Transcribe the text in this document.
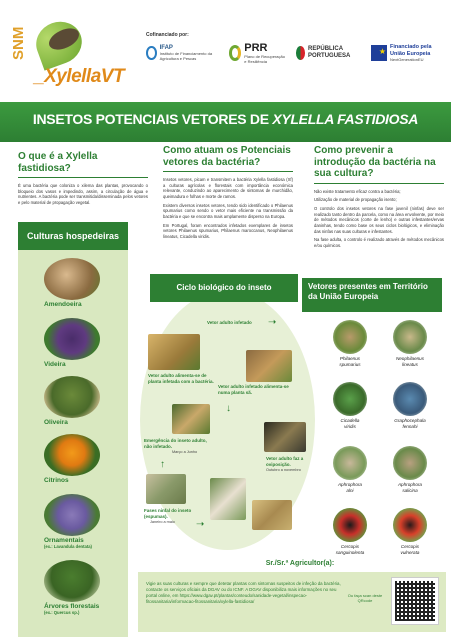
SNM
_XylellaVT
Cofinanciado por:
IFAP
Instituto de Financiamento da Agricultura e Pescas
PRR
Plano de Recuperação e Resiliência
REPÚBLICA PORTUGUESA
★
Financiado pela União Europeia
NextGenerationEU
INSETOS POTENCIAIS VETORES DE XYLELLA FASTIDIOSA
O que é a Xylella fastidiosa?

É uma bactéria que coloniza o xilema das plantas, provocando o bloqueio dos vasos e impedindo, assim, a circulação de água e nutrientes. A bactéria pode ser transmitida/disseminada pelos vetores e pelo material de propagação vegetal.

Como atuam os Potenciais vetores da bactéria?

Insetos vetores, picam e transmitem a bactéria Xylella fastidiosa (Xf) a culturas agrícolas e florestais com importância económica relevante, conduzindo ao aparecimento de sintomas de murchidão, queimadura e folhas e morte de ramos.

Existem diversos insetos vetores, tendo sido identificado o Philaenus spumarius como sendo o vetor mais eficiente na transmissão da bactéria e que se encontra mais amplamente disperso na Europa.

Em Portugal, foram encontrados infetados exemplares de insetos vetores Philaenus spumarius, Philaenus maroccanus, Neophilaenus lineatus, Cicadella viridis.

Como prevenir a introdução da bactéria na sua cultura?

Não existe tratamento eficaz contra a bactéria;

Utilização de material de propagação isento;

O controlo dos insetos vetores na fase juvenil (ninfas) deve ser realizado tanto dentro da parcela, como na área envolvente, por meio de métodos mecânicos (corte de lenho) e outras infestantes/ervas daninhas, tendo como base os seus ciclos biológicos, e eliminação das ninfas nas suas culturas e infestantes.

Na fase adulta, o controlo é realizado através de métodos mecânicos e/ou químicos.

Culturas hospedeiras
Amendoeira
Videira
Oliveira
Citrinos
Ornamentais
(ex.: Lavandula dentata)
Árvores florestais
(ex.: Quercus sp.)
Ciclo biológico do inseto
Vetor adulto infetado	➝
Vetor adulto alimenta-se de planta infetada com a bactéria.
Vetor adulto infetado alimenta-se numa planta sã.
Vetor adulto faz a oviposição.
Outubro a novembro
Emergência do inseto adulto, não infetado.
Março a Junho
Fases ninfal do inseto (espumas).
Janeiro a maio
↓
➝
↑
Vetores presentes em Território da União Europeia
Philaenus
spumarius
Neophilaenus
lineatus
Cicadella
viridis
Graphocephala
fennahi
Aphrophora
alni
Aphrophora
salicina
Cercopis
sanguinolenta
Cercopis
vulnerata
Sr./Sr.ª Agricultor(a):
Vigie as suas culturas e sempre que detetar plantas com sintomas suspeitos de infeção da bactéria, contacte os serviços oficiais da DGAV ou do ICNF. A DGAV disponibiliza mais informações no seu portal online, em https://www.dgav.pt/plantas/conteudo/sanidade-vegetal/inspecao-fitossanitaria/informacao-fitossanitaria/xylella-fastidiosa/
Ou faça scan deste QRcode
